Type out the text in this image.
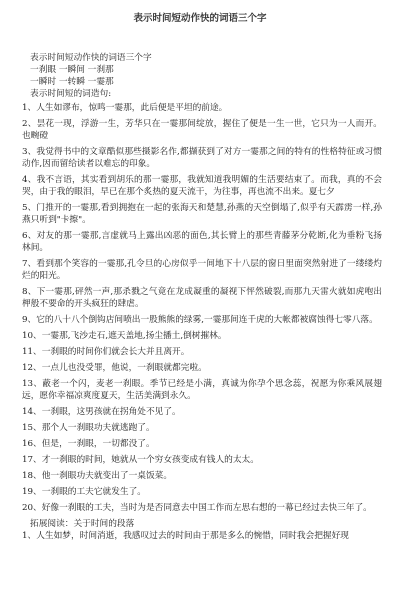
表示时间短动作快的词语三个字

表示时间短动作快的词语三个字

一刹眼 一瞬间 一刹那

一瞬时 一转瞬 一霎那

表示时间短的词造句:

1、人生如谬布，惊鸣一霎那，此后便是平坦的前途。

2、昙花一现，浮游一生，芳华只在一霎那间绽放，握住了便是一生一世，它只为一人而开。也畹磴

3、我觉得书中的文章酷似那些摄影名作,都撷获到了对方一霎那之间的特有的性格特征或习惯动作,因而留给读者以难忘的印象。

4、我不言语，其实看到胡乐的那一霎那，我就知道我明媚的生活要结束了。而我，真的不会哭，由于我的眼泪，早已在那个炙热的夏天流干，为往事，再也流不出来。夏七夕

5、门推开的一霎那,看到拥抱在一起的张海天和楚慧,孙燕的天空倒塌了,似乎有天霹雳一样,孙燕只听到"卡擦"。

6、对友的那一霎那,言虚就马上露出凶恶的面色,其长臂上的那些青藤茅分乾断,化为垂粉飞扬林间。

7、看到那个笑容的一霎那,孔令旦的心房似乎一间地下十八层的窗日里面突然射进了一缕缕灼烂的阳光。

8、下一霎那,砰然一声,那杀戮之气竟在龙成凝重的凝视下怦然破裂,而那九天雷火就如虎咆出柙般不要命的开头疯狂的肆虐。

9、它的八十八个倒钩店间喷出一股熊熊的绿雾,一霎那间连千虎的大帐都被腐蚀得七零八落。

10、一霎那,飞沙走石,遮天盖地,扬尘播土,倒树摧林。

11、一刹眼的时间你们就会长大并且离开。

12、一点儿也没受罪，他说，一刹眼就都完啦。

13、蔽老一个闪，麦老一刹眼。季节已经是小满，真诚为你孕个思念蕊，祝愿为你乘风展翅远，愿你幸福凉爽度夏天，生活美满到永久。

14、一刹眼，这男孩就在拐角处不见了。

15、那个人一刹眼功夫就逃跑了。

16、但是，一刹眼，一切都没了。

17、才一刹眼的时间，她就从一个穷女孩变成有钱人的太太。

18、他一刹眼功夫就变出了一桌饭菜。

19、一刹眼的工夫它就发生了。

20、好像一刹眼的工夫，当时为是否同意去中国工作而左思右想的一幕已经过去快三年了。

拓展阅读：关于时间的段落

1、人生如梦，时间消逝，我感叹过去的时间由于那是多么的惋惜，同时我会把握好现
